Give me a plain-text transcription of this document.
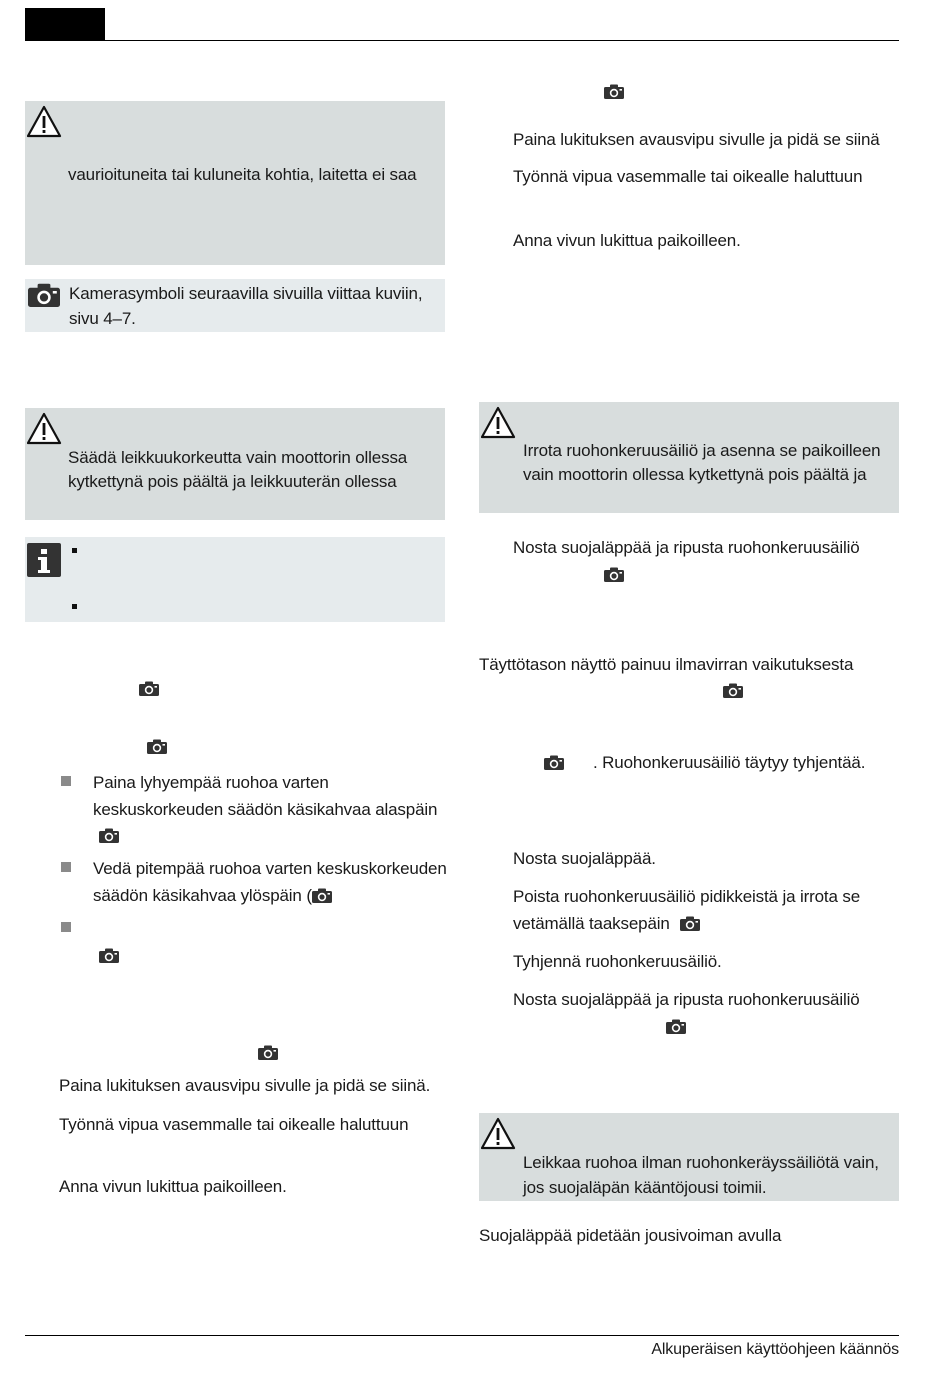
vaurioituneita tai kuluneita kohtia, laitetta ei saa
Kamerasymboli seuraavilla sivuilla viittaa kuviin,
sivu 4–7.
Säädä leikkuukorkeutta vain moottorin ollessa
kytkettynä pois päältä ja leikkuuterän ollessa
Paina lyhyempää ruohoa varten
keskuskorkeuden säädön käsikahvaa alaspäin
Vedä pitempää ruohoa varten keskuskorkeuden
säädön käsikahvaa ylöspäin (
Paina lukituksen avausvipu sivulle ja pidä se siinä.
Työnnä vipua vasemmalle tai oikealle haluttuun
Anna vivun lukittua paikoilleen.
Paina lukituksen avausvipu sivulle ja pidä se siinä
Työnnä vipua vasemmalle tai oikealle haluttuun
Anna vivun lukittua paikoilleen.
Irrota ruohonkeruusäiliö ja asenna se paikoilleen
vain moottorin ollessa kytkettynä pois päältä ja
Nosta suojaläppää ja ripusta ruohonkeruusäiliö
Täyttötason näyttö painuu ilmavirran vaikutuksesta
. Ruohonkeruusäiliö täytyy tyhjentää.
Nosta suojaläppää.
Poista ruohonkeruusäiliö pidikkeistä ja irrota se
vetämällä taaksepäin
Tyhjennä ruohonkeruusäiliö.
Nosta suojaläppää ja ripusta ruohonkeruusäiliö
Leikkaa ruohoa ilman ruohonkeräyssäiliötä vain,
jos suojaläpän kääntöjousi toimii.
Suojaläppää pidetään jousivoiman avulla
Alkuperäisen käyttöohjeen käännös
